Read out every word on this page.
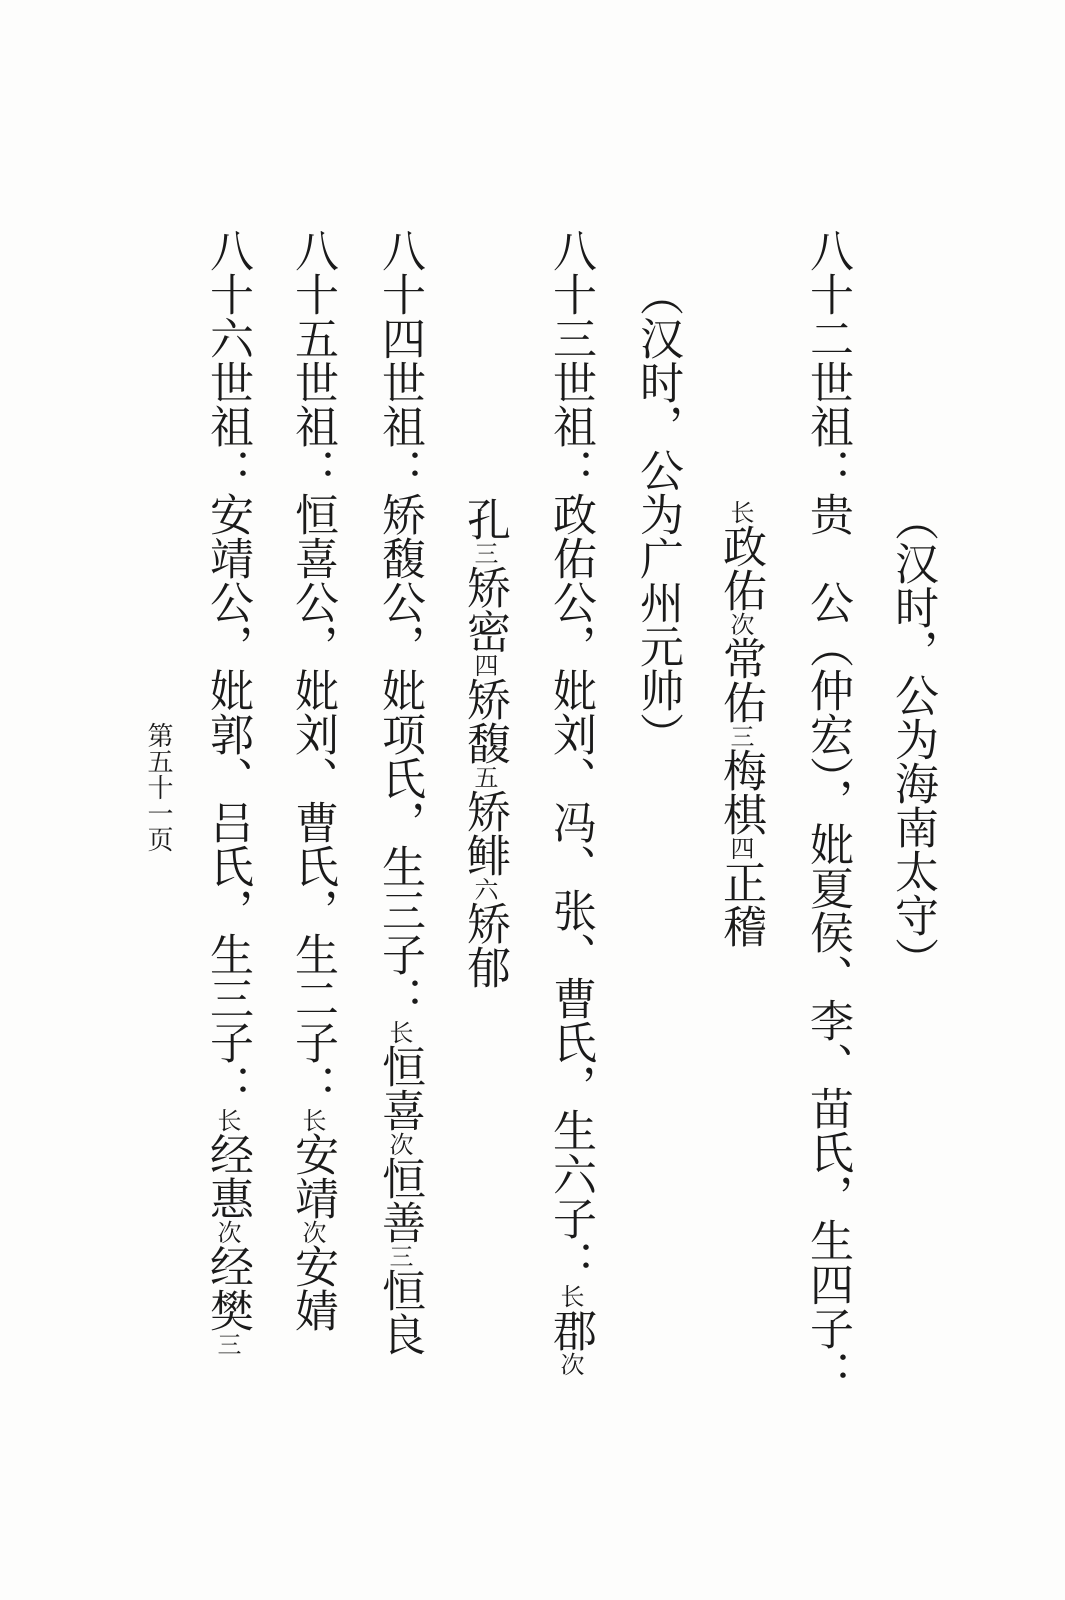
（汉时，公为海南太守）
八十二世祖：贵　公（仲宏），妣夏侯、李、苗氏，生四子：
长政佑次常佑三梅棋四正稽
（汉时，公为广州元帅）
八十三世祖：政佑公，妣刘、冯、张、曹氏，生六子：长郡次
孔三矫密四矫馥五矫鲱六矫郁
八十四世祖：矫馥公，妣项氏，生三子：长恒喜次恒善三恒良
八十五世祖：恒喜公，妣刘、曹氏，生二子：长安靖次安婧
八十六世祖：安靖公，妣郭、吕氏，生三子：长经惠次经樊三
第五十一页
